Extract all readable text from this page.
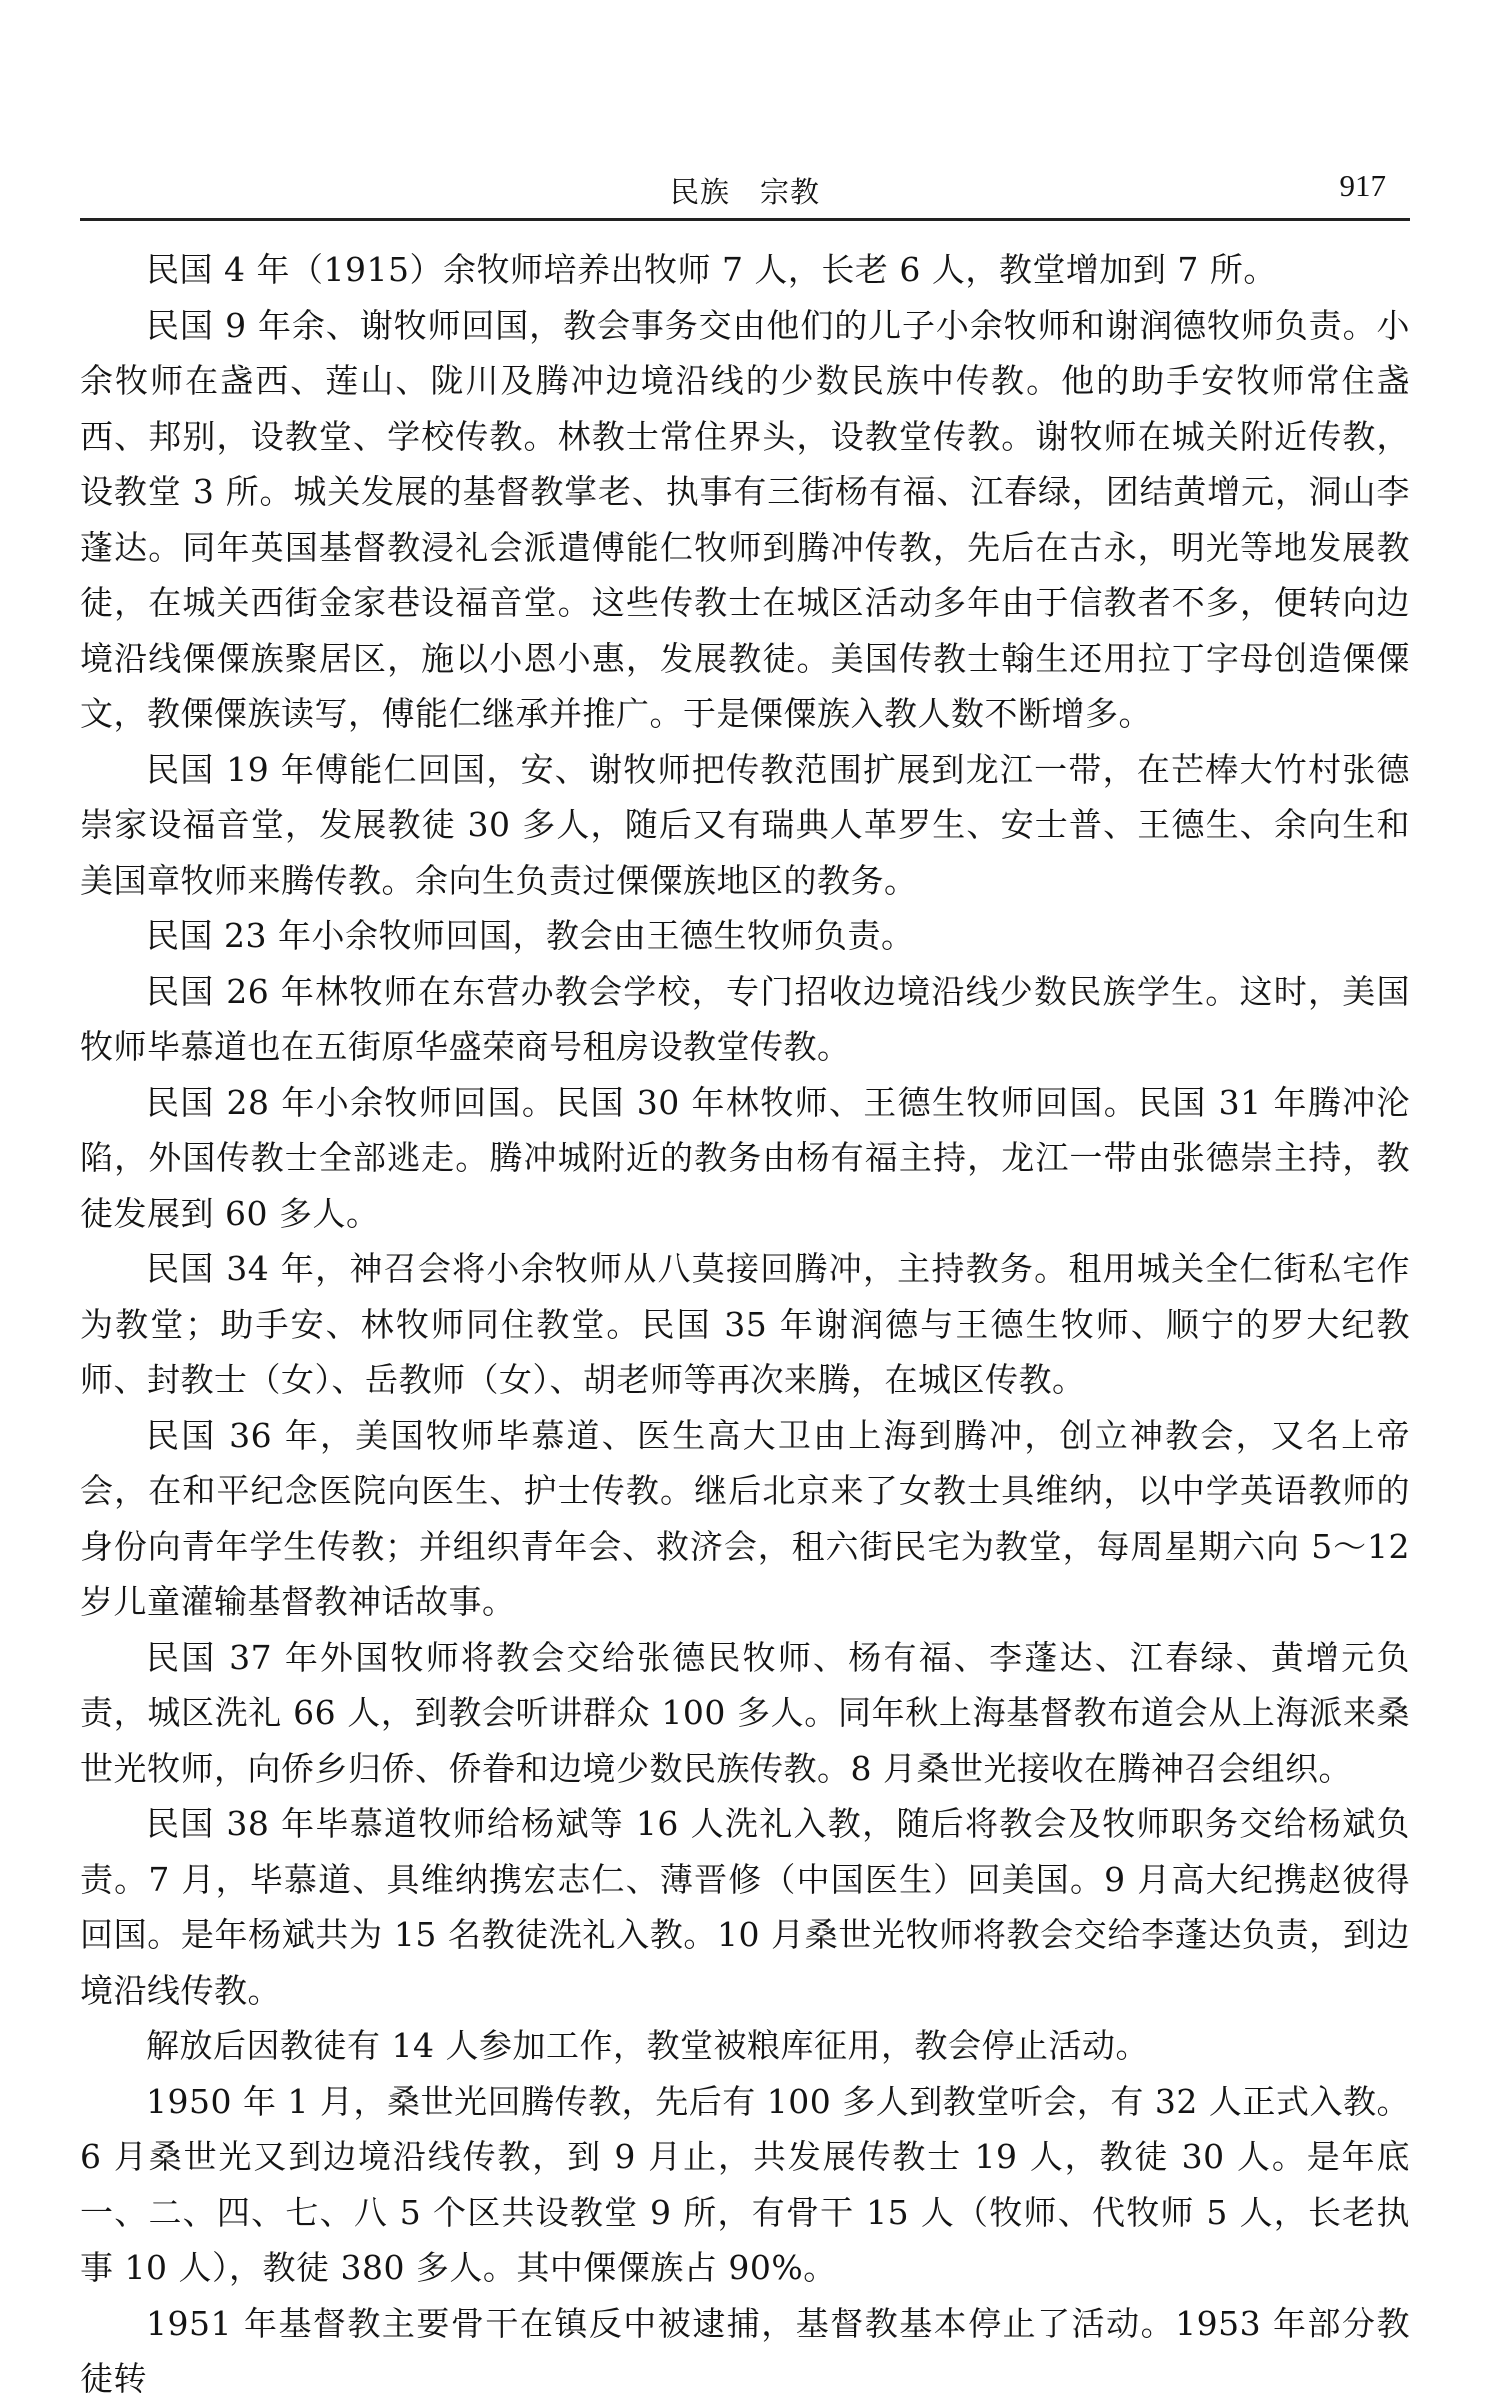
民族　宗教	917

民国 4 年（1915）余牧师培养出牧师 7 人，长老 6 人，教堂增加到 7 所。

民国 9 年余、谢牧师回国，教会事务交由他们的儿子小余牧师和谢润德牧师负责。小余牧师在盏西、莲山、陇川及腾冲边境沿线的少数民族中传教。他的助手安牧师常住盏西、邦别，设教堂、学校传教。林教士常住界头，设教堂传教。谢牧师在城关附近传教，设教堂 3 所。城关发展的基督教掌老、执事有三街杨有福、江春绿，团结黄增元，洞山李蓬达。同年英国基督教浸礼会派遣傅能仁牧师到腾冲传教，先后在古永，明光等地发展教徒，在城关西街金家巷设福音堂。这些传教士在城区活动多年由于信教者不多，便转向边境沿线傈僳族聚居区，施以小恩小惠，发展教徒。美国传教士翰生还用拉丁字母创造傈僳文，教傈僳族读写，傅能仁继承并推广。于是傈僳族入教人数不断增多。

民国 19 年傅能仁回国，安、谢牧师把传教范围扩展到龙江一带，在芒棒大竹村张德崇家设福音堂，发展教徒 30 多人，随后又有瑞典人革罗生、安士普、王德生、余向生和美国章牧师来腾传教。余向生负责过傈僳族地区的教务。

民国 23 年小余牧师回国，教会由王德生牧师负责。

民国 26 年林牧师在东营办教会学校，专门招收边境沿线少数民族学生。这时，美国牧师毕慕道也在五街原华盛荣商号租房设教堂传教。

民国 28 年小余牧师回国。民国 30 年林牧师、王德生牧师回国。民国 31 年腾冲沦陷，外国传教士全部逃走。腾冲城附近的教务由杨有福主持，龙江一带由张德崇主持，教徒发展到 60 多人。

民国 34 年，神召会将小余牧师从八莫接回腾冲，主持教务。租用城关全仁街私宅作为教堂；助手安、林牧师同住教堂。民国 35 年谢润德与王德生牧师、顺宁的罗大纪教师、封教士（女）、岳教师（女）、胡老师等再次来腾，在城区传教。

民国 36 年，美国牧师毕慕道、医生高大卫由上海到腾冲，创立神教会，又名上帝会，在和平纪念医院向医生、护士传教。继后北京来了女教士具维纳，以中学英语教师的身份向青年学生传教；并组织青年会、救济会，租六街民宅为教堂，每周星期六向 5～12 岁儿童灌输基督教神话故事。

民国 37 年外国牧师将教会交给张德民牧师、杨有福、李蓬达、江春绿、黄增元负责，城区洗礼 66 人，到教会听讲群众 100 多人。同年秋上海基督教布道会从上海派来桑世光牧师，向侨乡归侨、侨眷和边境少数民族传教。8 月桑世光接收在腾神召会组织。

民国 38 年毕慕道牧师给杨斌等 16 人洗礼入教，随后将教会及牧师职务交给杨斌负责。7 月，毕慕道、具维纳携宏志仁、薄晋修（中国医生）回美国。9 月高大纪携赵彼得回国。是年杨斌共为 15 名教徒洗礼入教。10 月桑世光牧师将教会交给李蓬达负责，到边境沿线传教。

解放后因教徒有 14 人参加工作，教堂被粮库征用，教会停止活动。

1950 年 1 月，桑世光回腾传教，先后有 100 多人到教堂听会，有 32 人正式入教。6 月桑世光又到边境沿线传教，到 9 月止，共发展传教士 19 人，教徒 30 人。是年底一、二、四、七、八 5 个区共设教堂 9 所，有骨干 15 人（牧师、代牧师 5 人，长老执事 10 人），教徒 380 多人。其中傈僳族占 90%。

1951 年基督教主要骨干在镇反中被逮捕，基督教基本停止了活动。1953 年部分教徒转
